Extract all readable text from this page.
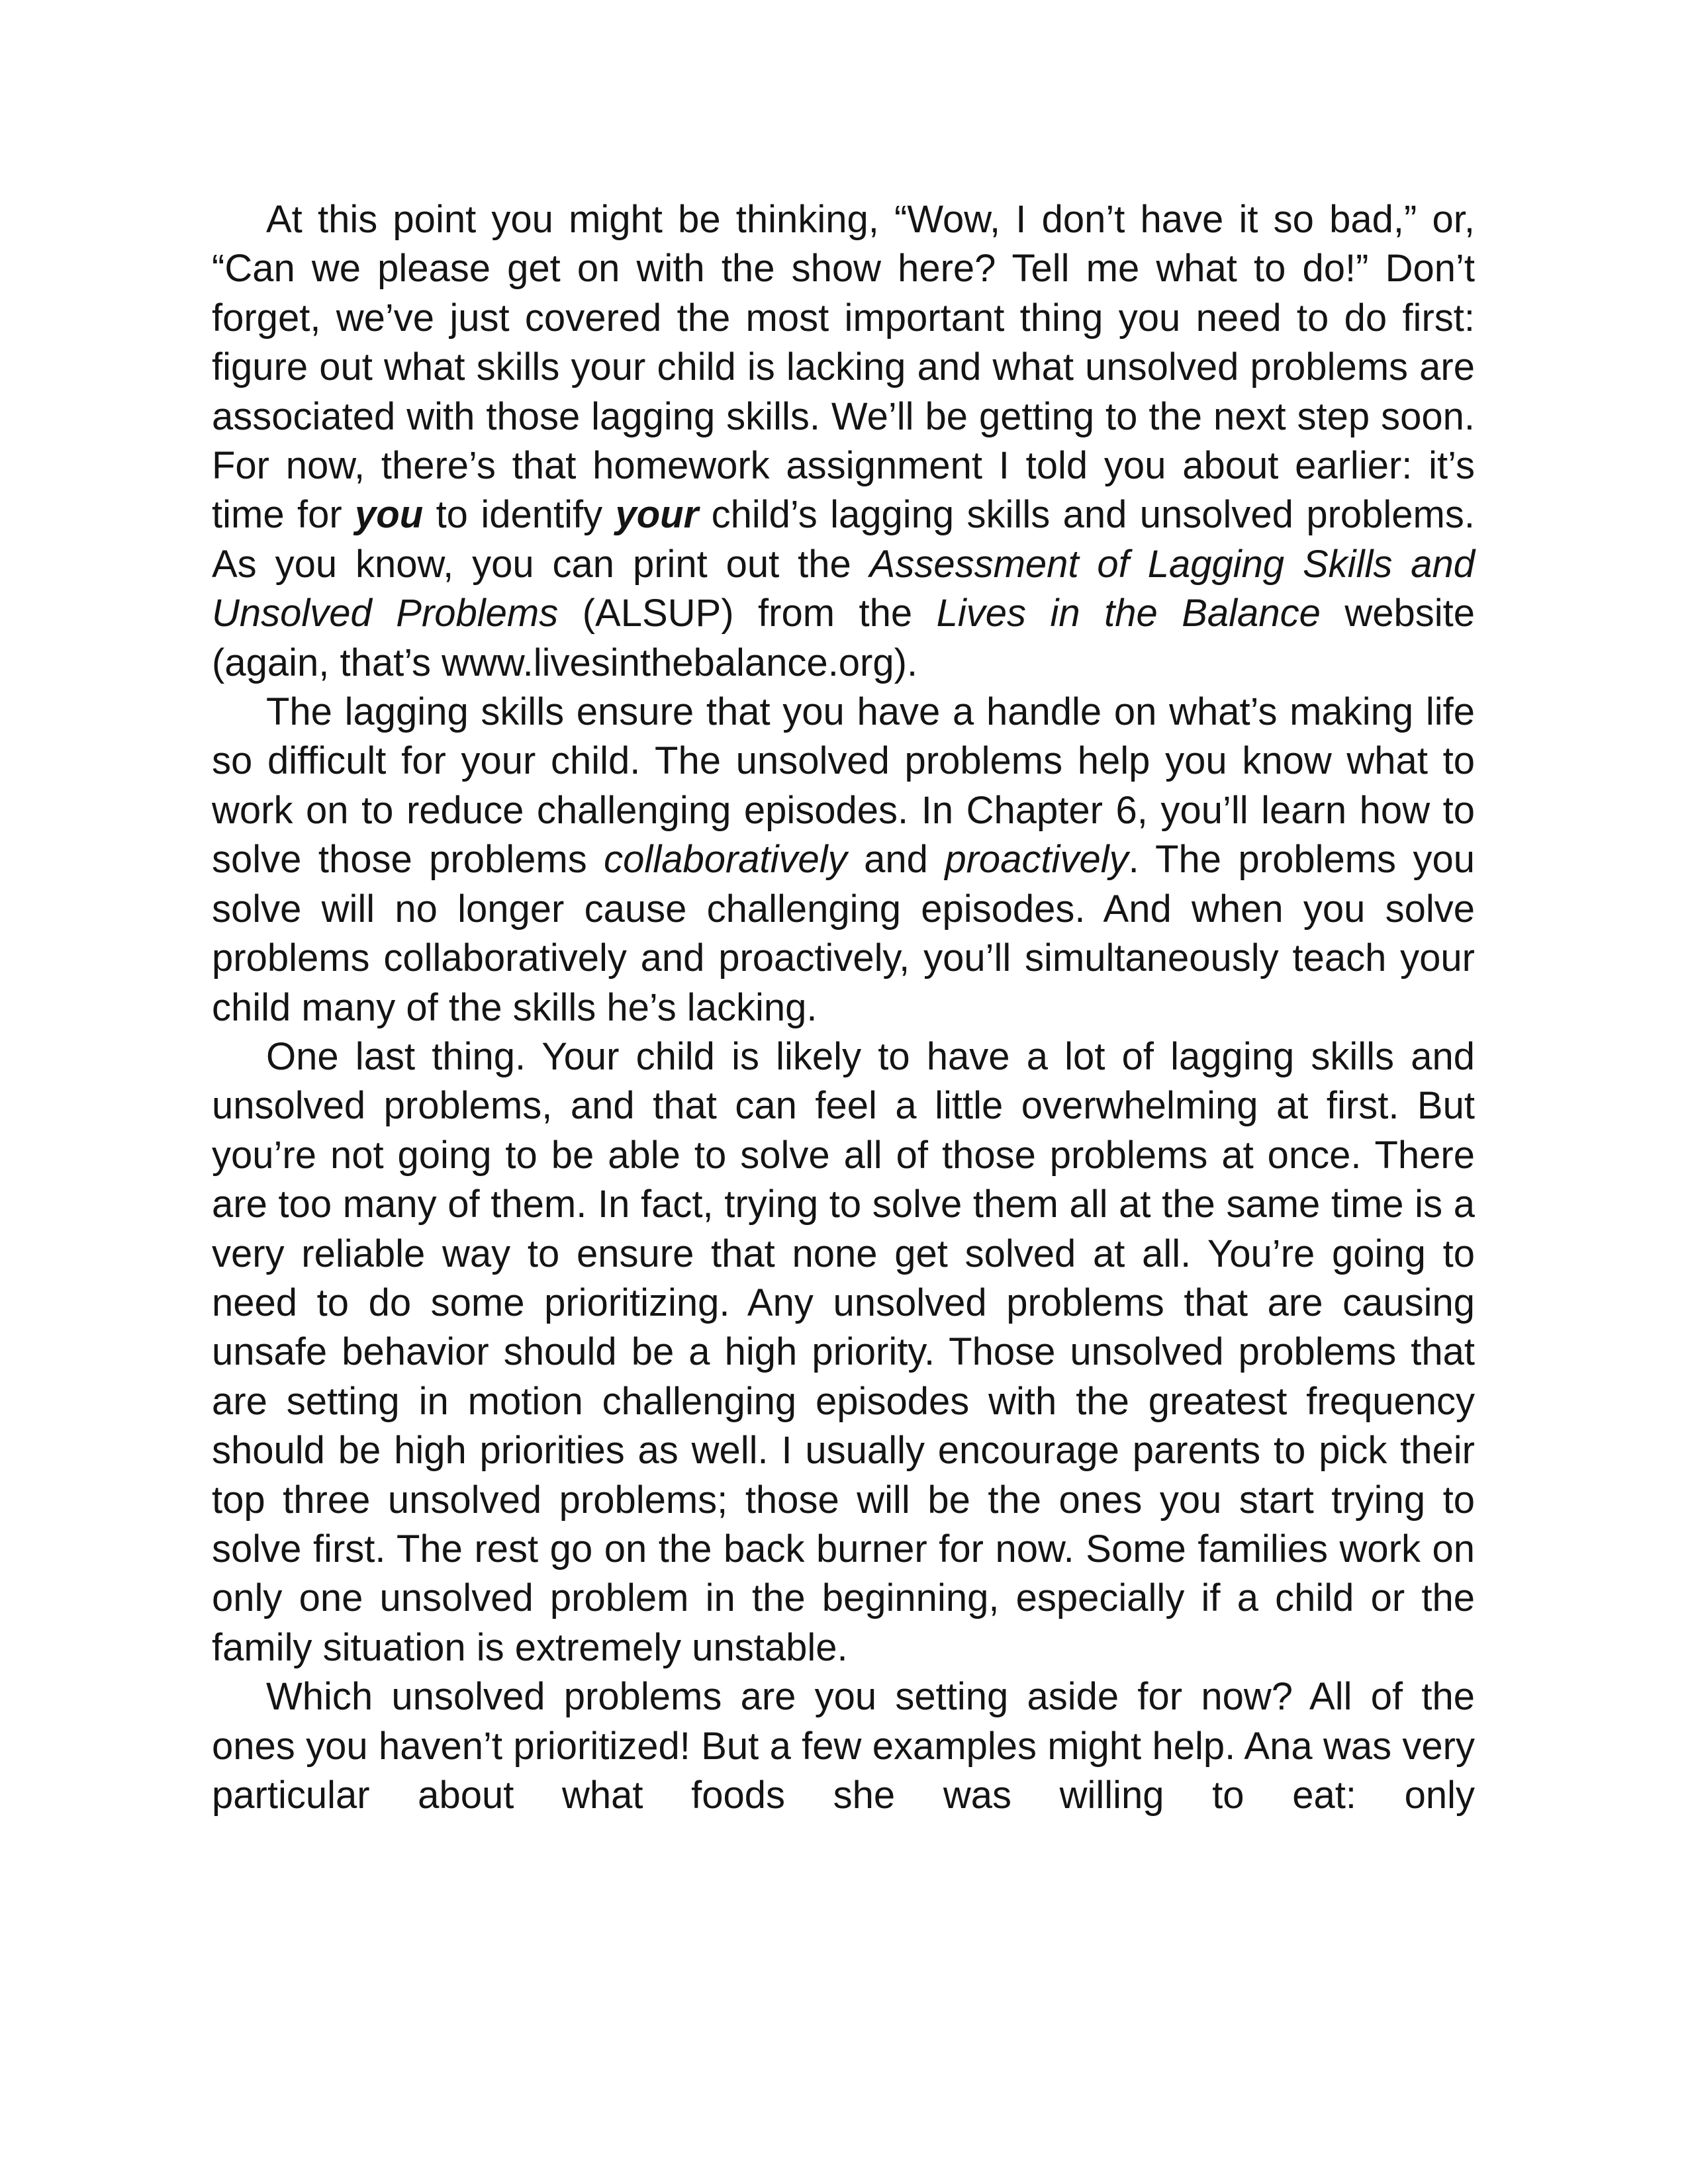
At this point you might be thinking, “Wow, I don’t have it so bad,” or, “Can we please get on with the show here? Tell me what to do!” Don’t forget, we’ve just covered the most important thing you need to do first: figure out what skills your child is lacking and what unsolved problems are associated with those lagging skills. We’ll be getting to the next step soon. For now, there’s that homework assignment I told you about earlier: it’s time for you to identify your child’s lagging skills and unsolved problems. As you know, you can print out the Assessment of Lagging Skills and Unsolved Problems (ALSUP) from the Lives in the Balance website (again, that’s www.livesinthebalance.org).

The lagging skills ensure that you have a handle on what’s making life so difficult for your child. The unsolved problems help you know what to work on to reduce challenging episodes. In Chapter 6, you’ll learn how to solve those problems collaboratively and proactively. The problems you solve will no longer cause challenging episodes. And when you solve problems collaboratively and proactively, you’ll simultaneously teach your child many of the skills he’s lacking.

One last thing. Your child is likely to have a lot of lagging skills and unsolved problems, and that can feel a little overwhelming at first. But you’re not going to be able to solve all of those problems at once. There are too many of them. In fact, trying to solve them all at the same time is a very reliable way to ensure that none get solved at all. You’re going to need to do some prioritizing. Any unsolved problems that are causing unsafe behavior should be a high priority. Those unsolved problems that are setting in motion challenging episodes with the greatest frequency should be high priorities as well. I usually encourage parents to pick their top three unsolved problems; those will be the ones you start trying to solve first. The rest go on the back burner for now. Some families work on only one unsolved problem in the beginning, especially if a child or the family situation is extremely unstable.

Which unsolved problems are you setting aside for now? All of the ones you haven’t prioritized! But a few examples might help. Ana was very particular about what foods she was willing to eat: only
